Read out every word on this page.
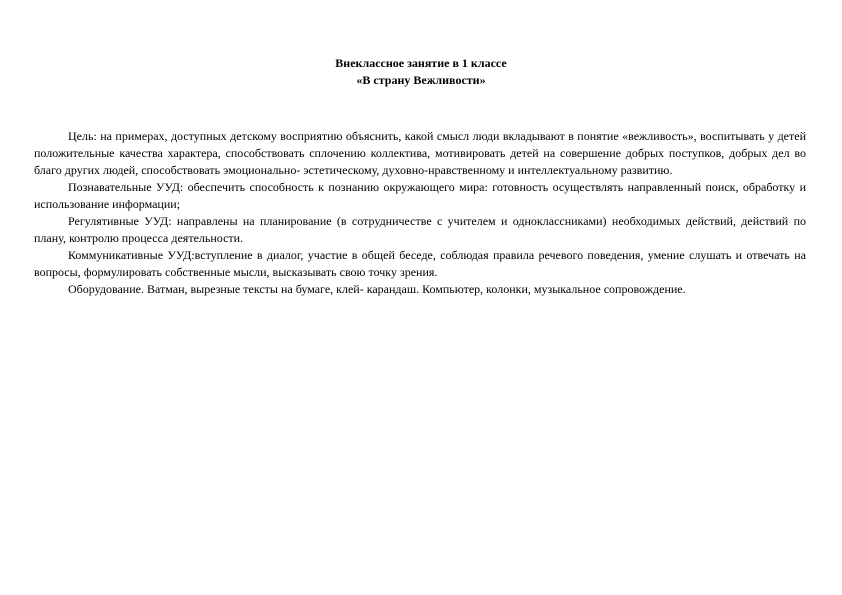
Внеклассное занятие в 1 классе
«В страну Вежливости»

Цель: на примерах, доступных детскому восприятию объяснить, какой смысл люди вкладывают в понятие «вежливость», воспитывать у детей положительные качества характера, способствовать сплочению коллектива, мотивировать детей на совершение добрых поступков, добрых дел во благо других людей, способствовать эмоционально- эстетическому, духовно-нравственному и интеллектуальному развитию.

Познавательные УУД: обеспечить способность к познанию окружающего мира: готовность осуществлять направленный поиск, обработку и использование информации;

Регулятивные УУД: направлены на планирование (в сотрудничестве с учителем и одноклассниками) необходимых действий, действий по плану, контролю процесса деятельности.

Коммуникативные УУД:вступление в диалог, участие в общей беседе, соблюдая правила речевого поведения, умение слушать и отвечать на вопросы, формулировать собственные мысли, высказывать свою точку зрения.

Оборудование. Ватман, вырезные тексты на бумаге, клей- карандаш. Компьютер, колонки, музыкальное сопровождение.
